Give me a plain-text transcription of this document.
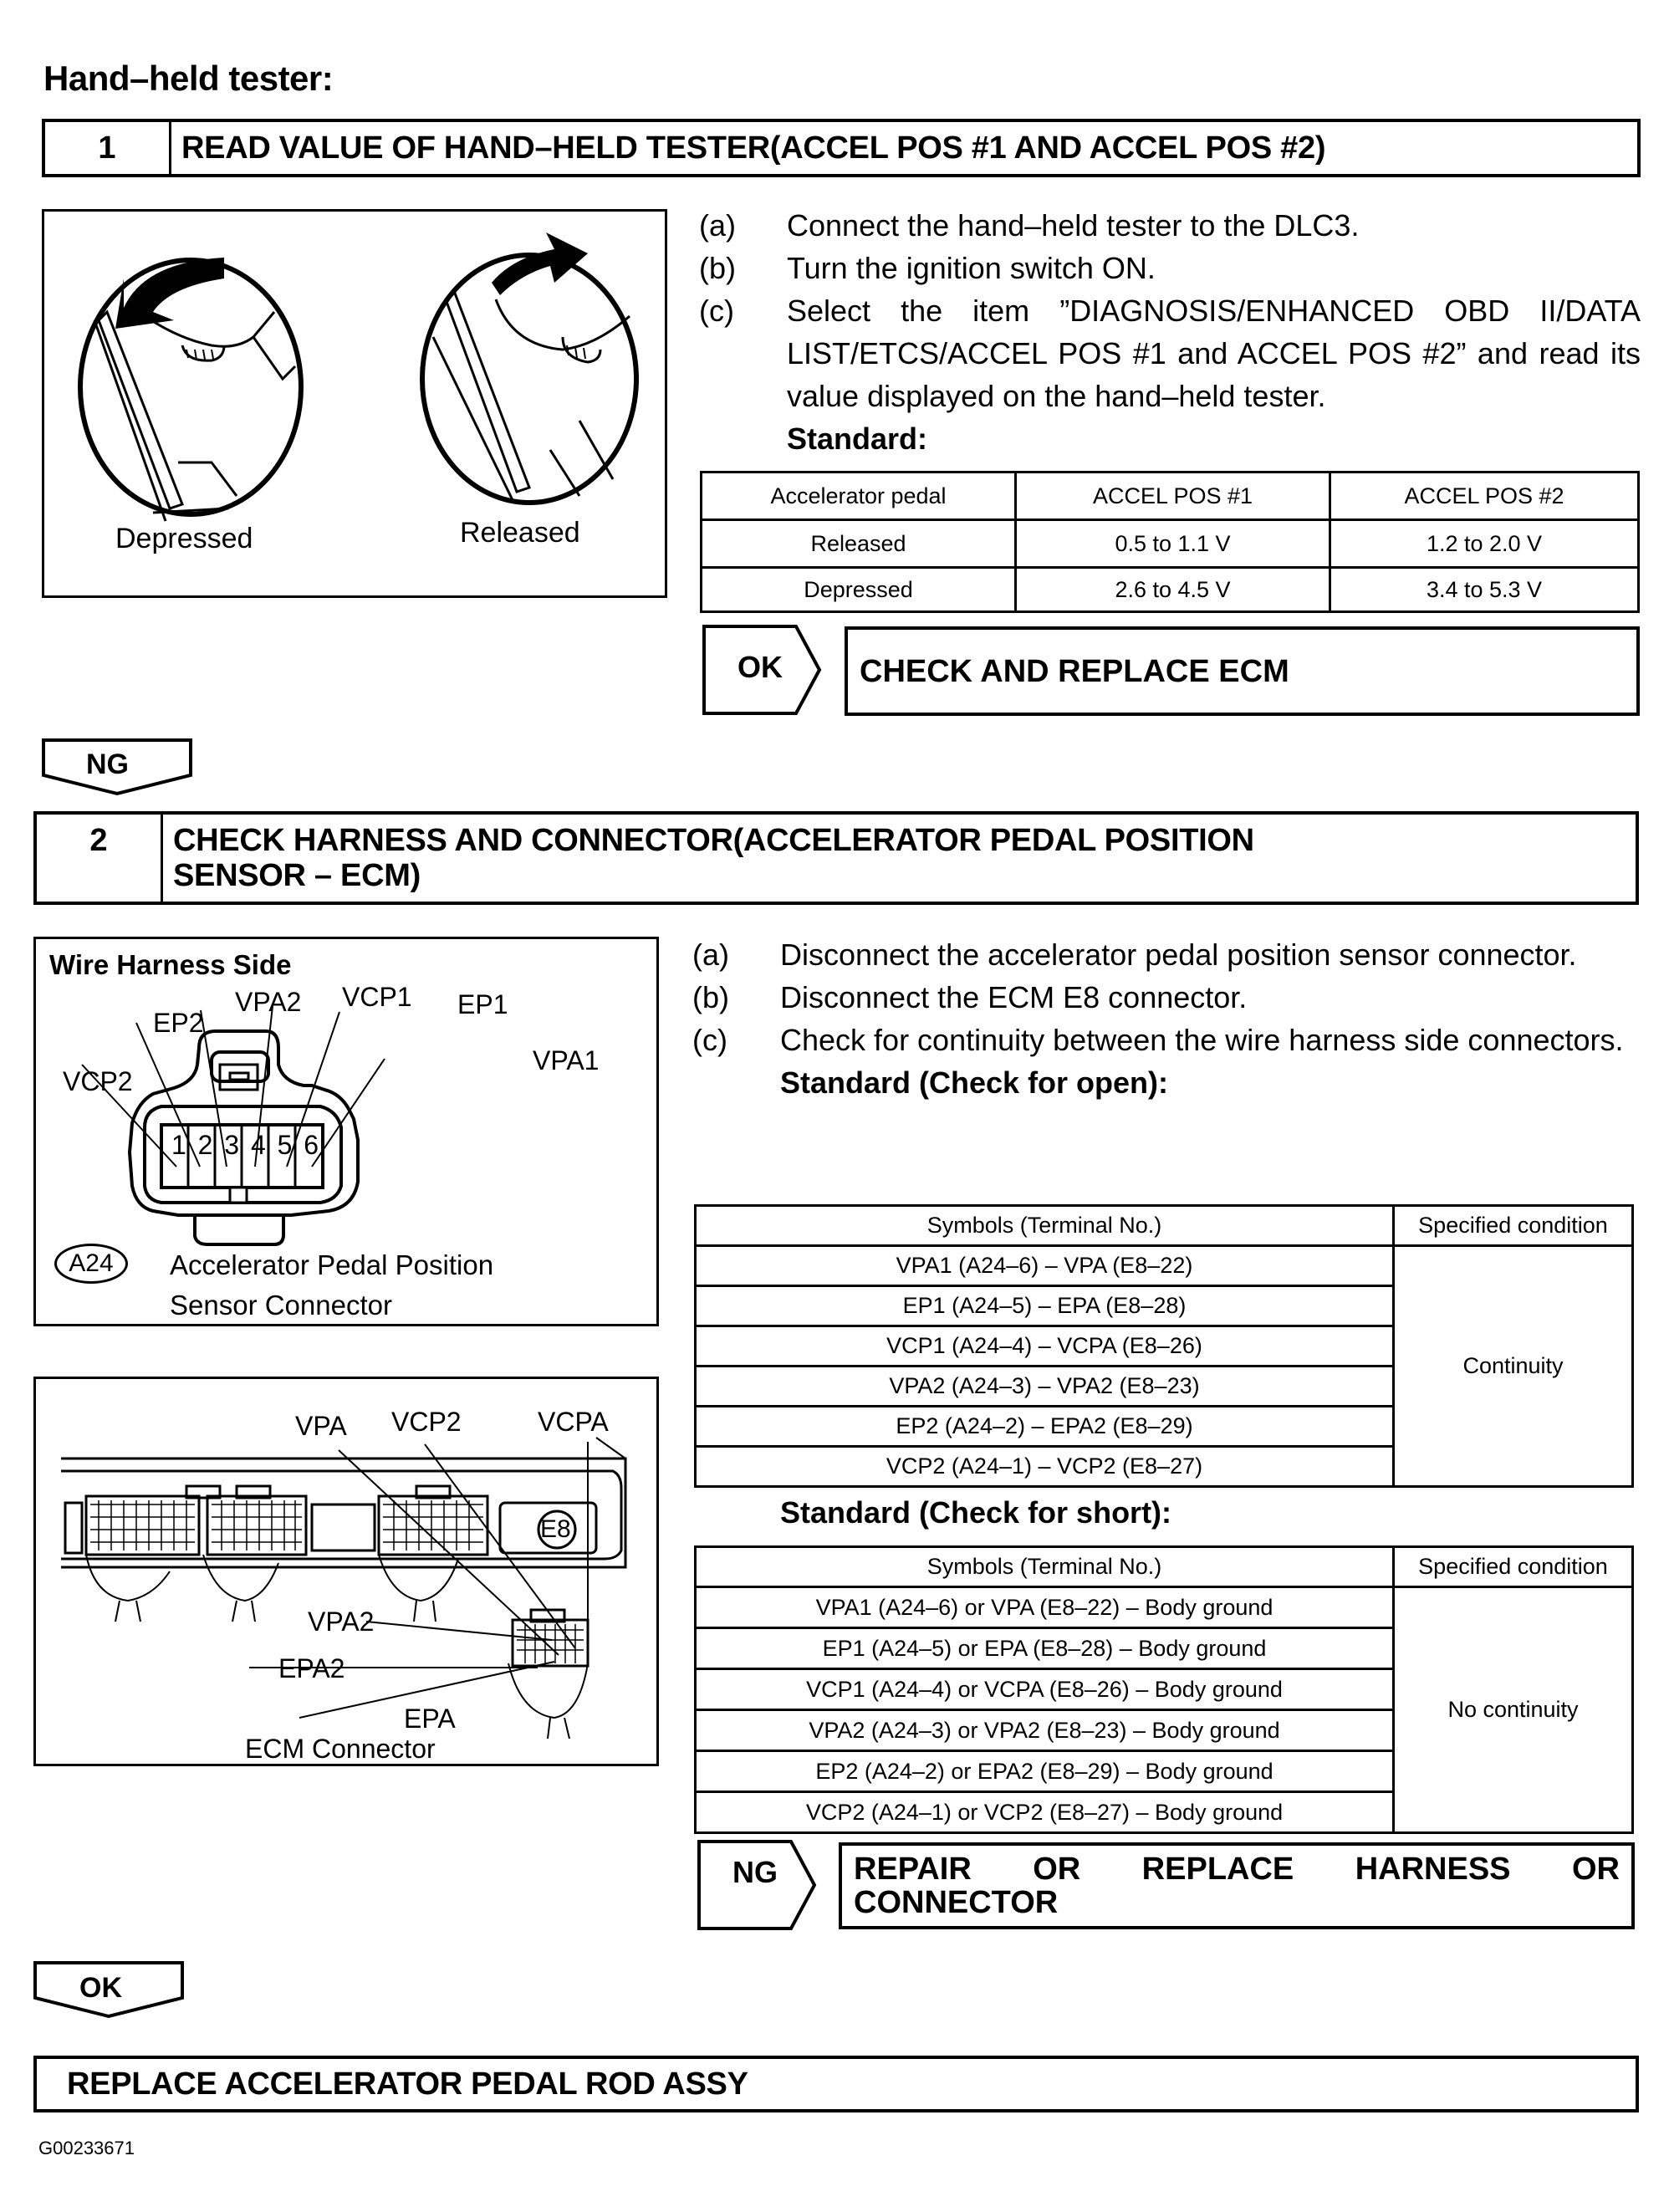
Hand–held tester:
1	READ VALUE OF HAND–HELD TESTER(ACCEL POS #1 AND ACCEL POS #2)
Depressed	Released
(a)	Connect the hand–held tester to the DLC3.
(b)	Turn the ignition switch ON.
(c)	Select the item ”DIAGNOSIS/ENHANCED OBD II/DATA LIST/ETCS/ACCEL POS #1 and ACCEL POS #2” and read its value displayed on the hand–held tester.
Standard:
Accelerator pedal	ACCEL POS #1	ACCEL POS #2
Released	0.5 to 1.1 V	1.2 to 2.0 V
Depressed	2.6 to 4.5 V	3.4 to 5.3 V
OK	CHECK AND REPLACE ECM
NG
2	CHECK HARNESS AND CONNECTOR(ACCELERATOR PEDAL POSITION
SENSOR – ECM)
Wire Harness Side
1 2 3 4 5 6
VCP2
EP2
VPA2 VCP1 EP1
VPA1
A24	Accelerator Pedal Position
Sensor Connector
E8
VPA VCP2	VCPA
VPA2
EPA2
EPA
ECM Connector
(a)	Disconnect the accelerator pedal position sensor connector.
(b)	Disconnect the ECM E8 connector.
(c)	Check for continuity between the wire harness side connectors.
Standard (Check for open):
Symbols (Terminal No.)	Specified condition
VPA1 (A24–6) – VPA (E8–22)	Continuity
EP1 (A24–5) – EPA (E8–28)	
VCP1 (A24–4) – VCPA (E8–26)	
VPA2 (A24–3) – VPA2 (E8–23)	
EP2 (A24–2) – EPA2 (E8–29)	
VCP2 (A24–1) – VCP2 (E8–27)	
Standard (Check for short):
Symbols (Terminal No.)	Specified condition
VPA1 (A24–6) or VPA (E8–22) – Body ground	No continuity
EP1 (A24–5) or EPA (E8–28) – Body ground	
VCP1 (A24–4) or VCPA (E8–26) – Body ground	
VPA2 (A24–3) or VPA2 (E8–23) – Body ground	
EP2 (A24–2) or EPA2 (E8–29) – Body ground	
VCP2 (A24–1) or VCP2 (E8–27) – Body ground	
NG REPAIR OR REPLACE HARNESS OR CONNECTOR
OK
REPLACE ACCELERATOR PEDAL ROD ASSY
G00233671
